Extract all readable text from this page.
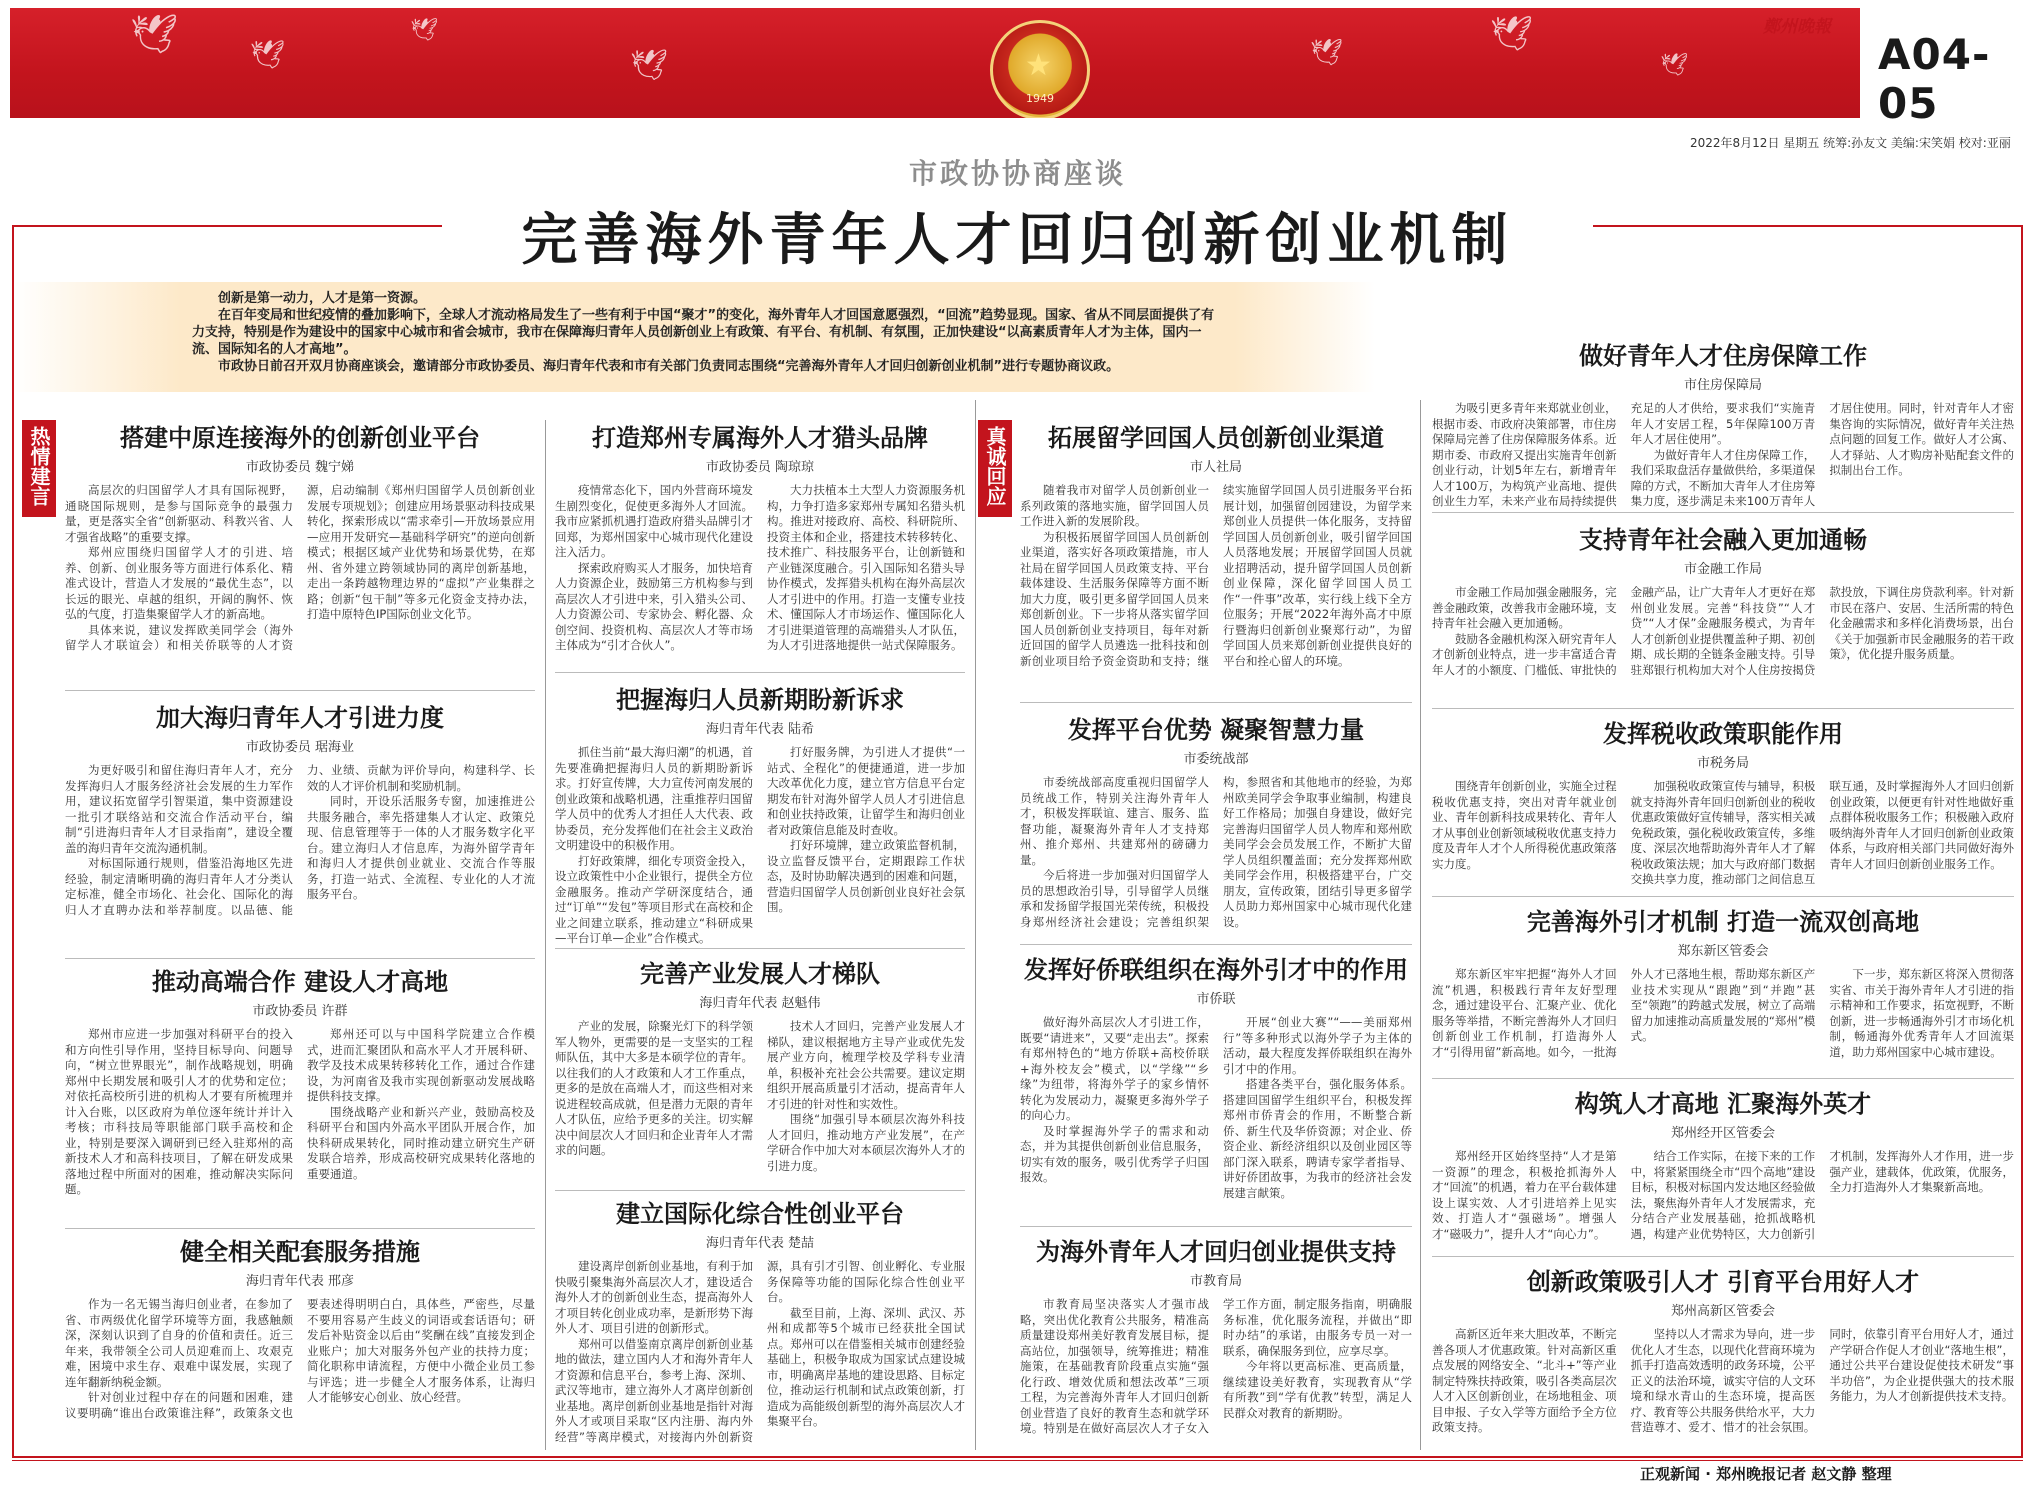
🕊	🕊
🕊
🕊	🕊	🕊
🕊
★
1949
鄭州晚報
A04-05
2022年8月12日 星期五 统筹:孙友文 美编:宋笑娟 校对:亚丽
市政协协商座谈
完善海外青年人才回归创新创业机制

创新是第一动力，人才是第一资源。

在百年变局和世纪疫情的叠加影响下，全球人才流动格局发生了一些有利于中国“聚才”的变化，海外青年人才回国意愿强烈，“回流”趋势显现。国家、省从不同层面提供了有力支持，特别是作为建设中的国家中心城市和省会城市，我市在保障海归青年人员创新创业上有政策、有平台、有机制、有氛围，正加快建设“以高素质青年人才为主体，国内一流、国际知名的人才高地”。

市政协日前召开双月协商座谈会，邀请部分市政协委员、海归青年代表和市有关部门负责同志围绕“完善海外青年人才回归创新创业机制”进行专题协商议政。

热情建言	真诚回应
搭建中原连接海外的创新创业平台
市政协委员 魏宁娣

高层次的归国留学人才具有国际视野，通晓国际规则，是参与国际竞争的最强力量，更是落实全省“创新驱动、科教兴省、人才强省战略”的重要支撑。

郑州应围绕归国留学人才的引进、培养、创新、创业服务等方面进行体系化、精准式设计，营造人才发展的“最优生态”，以长远的眼光、卓越的组织，开阔的胸怀、恢弘的气度，打造集聚留学人才的新高地。

具体来说，建议发挥欧美同学会（海外留学人才联谊会）和相关侨联等的人才资源，启动编制《郑州归国留学人员创新创业发展专项规划》；创建应用场景驱动科技成果转化，探索形成以“需求牵引—开放场景应用—应用开发研究—基础科学研究”的逆向创新模式；根据区域产业优势和场景优势，在郑州、省外建立跨领域协同的离岸创新基地，走出一条跨越物理边界的“虚拟”产业集群之路；创新“包干制”等多元化资金支持办法，打造中原特色IP国际创业文化节。

加大海归青年人才引进力度
市政协委员 琚海业

为更好吸引和留住海归青年人才，充分发挥海归人才服务经济社会发展的生力军作用，建议拓宽留学引智渠道，集中资源建设一批引才联络站和交流合作活动平台，编制“引进海归青年人才目录指南”，建设全覆盖的海归青年交流沟通机制。

对标国际通行规则，借鉴沿海地区先进经验，制定清晰明确的海归青年人才分类认定标准，健全市场化、社会化、国际化的海归人才直聘办法和举荐制度。以品德、能力、业绩、贡献为评价导向，构建科学、长效的人才评价机制和奖励机制。

同时，开设乐活服务专窗，加速推进公共服务融合，率先搭建集人才认定、政策兑现、信息管理等于一体的人才服务数字化平台。建立海归人才信息库，为海外留学青年和海归人才提供创业就业、交流合作等服务，打造一站式、全流程、专业化的人才流服务平台。

推动高端合作 建设人才高地
市政协委员 许群

郑州市应进一步加强对科研平台的投入和方向性引导作用，坚持目标导向、问题导向，“树立世界眼光”，制作战略规划，明确郑州中长期发展和吸引人才的优势和定位；对依托高校所引进的机构人才要有所梳理并计入台账，以区政府为单位逐年统计并计入考核；市科技局等职能部门联手高校和企业，特别是要深入调研到已经入驻郑州的高新技术人才和高科技项目，了解在研发成果落地过程中所面对的困难，推动解决实际问题。

郑州还可以与中国科学院建立合作模式，进而汇聚团队和高水平人才开展科研、教学及技术成果转移转化工作，通过合作建设，为河南省及我市实现创新驱动发展战略提供科技支撑。

围绕战略产业和新兴产业，鼓励高校及科研平台和国内外高水平团队开展合作，加快科研成果转化，同时推动建立研究生产研发联合培养，形成高校研究成果转化落地的重要通道。

健全相关配套服务措施
海归青年代表 邢彦

作为一名无锡当海归创业者，在参加了省、市两级优化留学环境等方面，我感触颇深，深刻认识到了自身的价值和责任。近三年来，我带领全公司人员迎难而上、攻艰克难，困境中求生存、艰难中谋发展，实现了连年翻新纳税金额。

针对创业过程中存在的问题和困难，建议要明确“谁出台政策谁注释”，政策条文也要表述得明明白白，具体些，严密些，尽量不要用容易产生歧义的词语或套话语句；研发后补贴资金以后由“奖酬在线”直接发到企业账户；加大对服务外包产业的扶持力度；简化职称申请流程，方便中小微企业员工参与评选；进一步健全人才服务体系，让海归人才能够安心创业、放心经营。

打造郑州专属海外人才猎头品牌
市政协委员 陶琼琼

疫情常态化下，国内外营商环境发生剧烈变化，促使更多海外人才回流。我市应紧抓机遇打造政府猎头品牌引才回郑，为郑州国家中心城市现代化建设注入活力。

探索政府购买人才服务，加快培育人力资源企业，鼓励第三方机构参与到高层次人才引进中来，引入猎头公司、人力资源公司、专家协会、孵化器、众创空间、投资机构、高层次人才等市场主体成为“引才合伙人”。

大力扶植本土大型人力资源服务机构，力争打造多家郑州专属知名猎头机构。推进对接政府、高校、科研院所、投资主体和企业，搭建技术转移转化、技术推广、科技服务平台，让创新链和产业链深度融合。引入国际知名猎头导协作模式，发挥猎头机构在海外高层次人才引进中的作用。打造一支懂专业技术、懂国际人才市场运作、懂国际化人才引进渠道管理的高端猎头人才队伍，为人才引进落地提供一站式保障服务。

把握海归人员新期盼新诉求
海归青年代表 陆希

抓住当前“最大海归潮”的机遇，首先要准确把握海归人员的新期盼新诉求。打好宣传牌，大力宣传河南发展的创业政策和战略机遇，注重推荐归国留学人员中的优秀人才担任人大代表、政协委员，充分发挥他们在社会主义政治文明建设中的积极作用。

打好政策牌，细化专项资金投入，设立政策性中小企业银行，提供全方位金融服务。推动产学研深度结合，通过“订单”“发包”等项目形式在高校和企业之间建立联系，推动建立“科研成果—平台订单—企业”合作模式。

打好服务牌，为引进人才提供“一站式、全程化”的便捷通道，进一步加大改革优化力度，建立官方信息平台定期发布针对海外留学人员人才引进信息和创业扶持政策，让留学生和海归创业者对政策信息能及时查收。

打好环境牌，建立政策监督机制，设立监督反馈平台，定期跟踪工作状态，及时协助解决遇到的困难和问题，营造归国留学人员创新创业良好社会氛围。

完善产业发展人才梯队
海归青年代表 赵魁伟

产业的发展，除聚光灯下的科学领军人物外，更需要的是一支坚实的工程师队伍，其中大多是本硕学位的青年。以往我们的人才政策和人才工作重点，更多的是放在高端人才，而这些相对来说进程较高成就，但是潜力无限的青年人才队伍，应给予更多的关注。切实解决中间层次人才回归和企业青年人才需求的问题。

技术人才回归，完善产业发展人才梯队，建议根据地方主导产业或优先发展产业方向，梳理学校及学科专业清单，积极补充社会公共需要。建议定期组织开展高质量引才活动，提高青年人才引进的针对性和实效性。

围绕“加强引导本硕层次海外科技人才回归，推动地方产业发展”，在产学研合作中加大对本硕层次海外人才的引进力度。

建立国际化综合性创业平台
海归青年代表 楚喆

建设离岸创新创业基地，有利于加快吸引聚集海外高层次人才，建设适合海外人才的创新创业生态，提高海外人才项目转化创业成功率，是新形势下海外人才、项目引进的创新形式。

郑州可以借鉴南京离岸创新创业基地的做法，建立国内人才和海外青年人才资源和信息平台，参考上海、深圳、武汉等地市，建立海外人才离岸创新创业基地。离岸创新创业基地是指针对海外人才或项目采取“区内注册、海内外经营”等离岸模式，对接海内外创新资源，具有引才引智、创业孵化、专业服务保障等功能的国际化综合性创业平台。

截至目前，上海、深圳、武汉、苏州和成都等5个城市已经获批全国试点。郑州可以在借鉴相关城市创建经验基础上，积极争取成为国家试点建设城市，明确离岸基地的建设思路、目标定位，推动运行机制和试点政策创新，打造成为高能级创新型的海外高层次人才集聚平台。

拓展留学回国人员创新创业渠道
市人社局

随着我市对留学人员创新创业一系列政策的落地实施，留学回国人员工作进入新的发展阶段。

为积极拓展留学回国人员创新创业渠道，落实好各项政策措施，市人社局在留学回国人员政策支持、平台载体建设、生活服务保障等方面不断加大力度，吸引更多留学回国人员来郑创新创业。下一步将从落实留学回国人员创新创业支持项目，每年对新近回国的留学人员遴选一批科技和创新创业项目给予资金资助和支持；继续实施留学回国人员引进服务平台拓展计划，加强留创园建设，为留学来郑创业人员提供一体化服务，支持留学回国人员创新创业，吸引留学回国人员落地发展；开展留学回国人员就业招聘活动，提升留学回国人员创新创业保障，深化留学回国人员工作“一件事”改革，实行线上线下全方位服务；开展“2022年海外高才中原行暨海归创新创业聚郑行动”，为留学回国人员来郑创新创业提供良好的平台和拴心留人的环境。

发挥平台优势 凝聚智慧力量
市委统战部

市委统战部高度重视归国留学人员统战工作，特别关注海外青年人才，积极发挥联谊、建言、服务、监督功能，凝聚海外青年人才支持郑州、推介郑州、共建郑州的磅礴力量。

今后将进一步加强对归国留学人员的思想政治引导，引导留学人员继承和发扬留学报国光荣传统，积极投身郑州经济社会建设；完善组织架构，参照省和其他地市的经验，为郑州欧美同学会争取事业编制，构建良好工作格局；加强自身建设，做好完完善海归国留学人员人物库和郑州欧美同学会会员发展工作，不断扩大留学人员组织覆盖面；充分发挥郑州欧美同学会作用，积极搭建平台，广交朋友，宣传政策，团结引导更多留学人员助力郑州国家中心城市现代化建设。

发挥好侨联组织在海外引才中的作用
市侨联

做好海外高层次人才引进工作，既要“请进来”，又要“走出去”。探索有郑州特色的“地方侨联+高校侨联+海外校友会”模式，以“学缘”“乡缘”为纽带，将海外学子的家乡情怀转化为发展动力，凝聚更多海外学子的向心力。

及时掌握海外学子的需求和动态，并为其提供创新创业信息服务，切实有效的服务，吸引优秀学子归国报效。

开展“创业大赛”“——美丽郑州行”等多种形式以海外学子为主体的活动，最大程度发挥侨联组织在海外引才中的作用。

搭建各类平台，强化服务体系。搭建回国留学生组织平台，积极发挥郑州市侨青会的作用，不断整合新侨、新生代及华侨资源；对企业、侨资企业、新经济组织以及创业园区等部门深入联系，聘请专家学者指导、讲好侨团故事，为我市的经济社会发展建言献策。

为海外青年人才回归创业提供支持
市教育局

市教育局坚决落实人才强市战略，突出优化教育公共服务，精准高质量建设郑州美好教育发展目标，提高站位，加强领导，统筹推进；精准施策，在基础教育阶段重点实施“强化行政、增效优质和想法改革”三项工程，为完善海外青年人才回归创新创业营造了良好的教育生态和就学环境。特别是在做好高层次人才子女入学工作方面，制定服务指南，明确服务标准，优化服务流程，并做出“即时办结”的承诺，由服务专员一对一联系，确保服务到位，应享尽享。

今年将以更高标准、更高质量，继续建设美好教育，实现教育从“学有所教”到“学有优教”转型，满足人民群众对教育的新期盼。

做好青年人才住房保障工作
市住房保障局

为吸引更多青年来郑就业创业，根据市委、市政府决策部署，市住房保障局完善了住房保障服务体系。近期市委、市政府又提出实施青年创新创业行动，计划5年左右，新增青年人才100万，为构筑产业高地、提供创业生力军，未来产业布局持续提供充足的人才供给，要求我们“实施青年人才安居工程，5年保障100万青年人才居住使用”。

为做好青年人才住房保障工作，我们采取盘活存量做供给，多渠道保障的方式，不断加大青年人才住房筹集力度，逐步满足未来100万青年人才居住使用。同时，针对青年人才密集咨询的实际情况，做好青年关注热点问题的回复工作。做好人才公寓、人才驿站、人才购房补贴配套文件的拟制出台工作。

支持青年社会融入更加通畅
市金融工作局

市金融工作局加强金融服务，完善金融政策，改善我市金融环境，支持青年社会融入更加通畅。

鼓励各金融机构深入研究青年人才创新创业特点，进一步丰富适合青年人才的小额度、门槛低、审批快的金融产品，让广大青年人才更好在郑州创业发展。完善“科技贷”“人才贷”“人才保”金融服务模式，为青年人才创新创业提供覆盖种子期、初创期、成长期的全链条金融支持。引导驻郑银行机构加大对个人住房按揭贷款投放，下调住房贷款利率。针对新市民在落户、安居、生活所需的特色化金融需求和多样化消费场景，出台《关于加强新市民金融服务的若干政策》，优化提升服务质量。

发挥税收政策职能作用
市税务局

围绕青年创新创业，实施全过程税收优惠支持，突出对青年就业创业、青年创新科技成果转化、青年人才从事创业创新领域税收优惠支持力度及青年人才个人所得税优惠政策落实力度。

加强税收政策宣传与辅导，积极就支持海外青年回归创新创业的税收优惠政策做好宣传辅导，落实相关减免税政策，强化税收政策宣传，多维度、深层次地帮助海外青年人才了解税收政策法规；加大与政府部门数据交换共享力度，推动部门之间信息互联互通，及时掌握海外人才回归创新创业政策，以便更有针对性地做好重点群体税收服务工作；积极融入政府吸纳海外青年人才回归创新创业政策体系，与政府相关部门共同做好海外青年人才回归创新创业服务工作。

完善海外引才机制 打造一流双创高地
郑东新区管委会

郑东新区牢牢把握“海外人才回流”机遇，积极践行青年友好型理念，通过建设平台、汇聚产业、优化服务等举措，不断完善海外人才回归创新创业工作机制，打造海外人才“引得用留”新高地。如今，一批海外人才已落地生根，帮助郑东新区产业技术实现从“跟跑”到“并跑”甚至“领跑”的跨越式发展，树立了高端留力加速推动高质量发展的“郑州”模式。

下一步，郑东新区将深入贯彻落实省、市关于海外青年人才引进的指示精神和工作要求，拓宽视野，不断创新，进一步畅通海外引才市场化机制，畅通海外优秀青年人才回流渠道，助力郑州国家中心城市建设。

构筑人才高地 汇聚海外英才
郑州经开区管委会

郑州经开区始终坚持“人才是第一资源”的理念，积极抢抓海外人才“回流”的机遇，着力在平台载体建设上谋实效、人才引进培养上见实效、打造人才“强磁场”。增强人才“磁吸力”，提升人才“向心力”。

结合工作实际，在接下来的工作中，将紧紧围绕全市“四个高地”建设目标，积极对标国内发达地区经验做法，聚焦海外青年人才发展需求，充分结合产业发展基础，抢抓战略机遇，构建产业优势特区，大力创新引才机制，发挥海外人才作用，进一步强产业，建载体，优政策，优服务，全力打造海外人才集聚新高地。

创新政策吸引人才 引育平台用好人才
郑州高新区管委会

高新区近年来大胆改革，不断完善各项人才优惠政策。针对高新区重点发展的网络安全、“北斗+”等产业制定特殊扶持政策，吸引各类高层次人才入区创新创业，在场地租金、项目申报、子女入学等方面给予全方位政策支持。

坚持以人才需求为导向，进一步优化人才生态，以现代化营商环境为抓手打造高效透明的政务环境，公平正义的法治环境，诚实守信的人文环境和绿水青山的生态环境，提高医疗、教育等公共服务供给水平，大力营造尊才、爱才、惜才的社会氛围。同时，依靠引育平台用好人才，通过产学研合作促人才创业“落地生根”，通过公共平台建设促使技术研发“事半功倍”，为企业提供强大的技术服务能力，为人才创新提供技术支持。

正观新闻 · 郑州晚报记者 赵文静 整理
